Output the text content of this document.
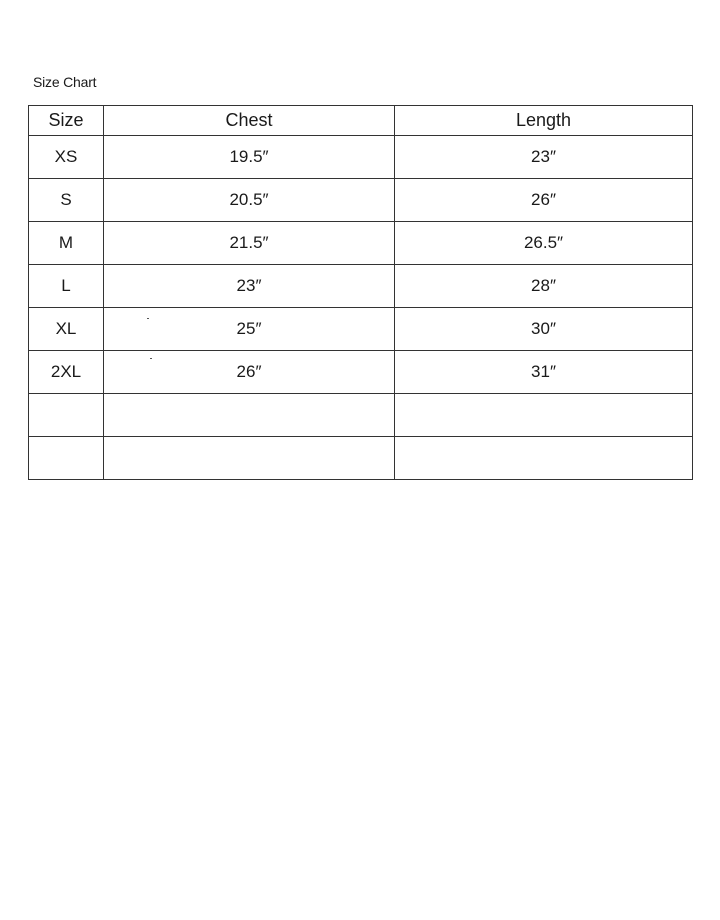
Size Chart
Size	Chest	Length
XS	19.5″	23″
S	20.5″	26″
M	21.5″	26.5″
L	23″	28″
XL	25″	30″
2XL	26″	31″
